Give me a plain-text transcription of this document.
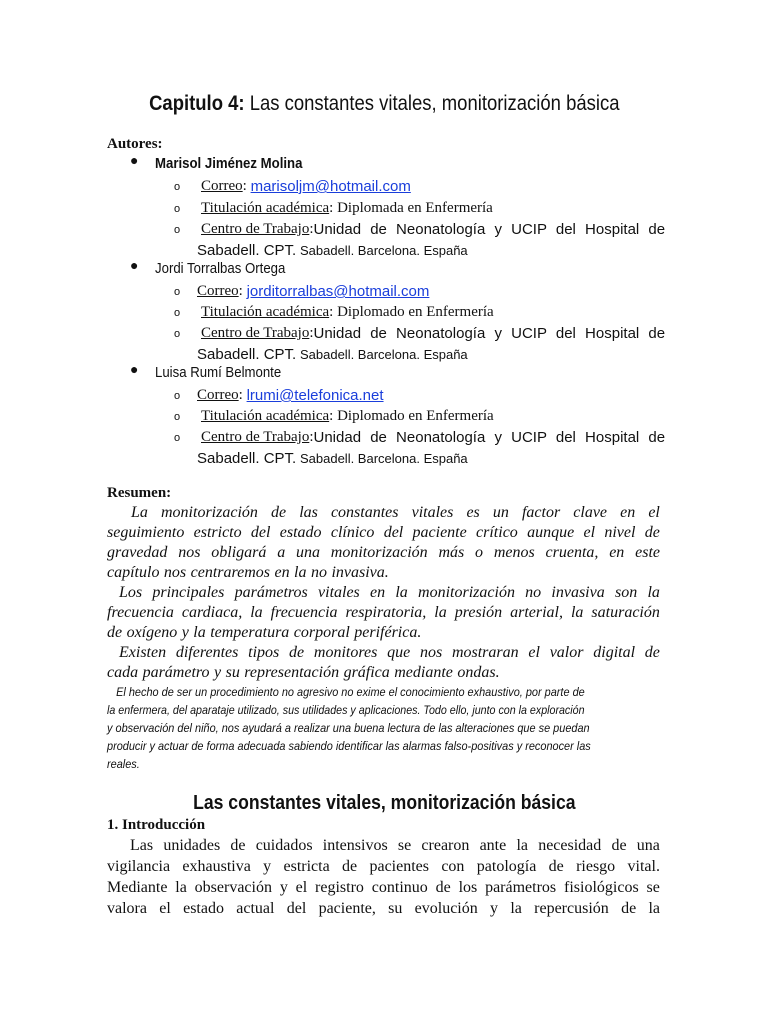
Capitulo 4: Las constantes vitales, monitorización básica
Autores:
● Marisol Jiménez Molina
o Correo : marisoljm@hotmail.com
o Titulación académica : Diplomada en Enfermería
o Centro de Trabajo: Unidad de Neonatología y UCIP del Hospital de
Sabadell. CPT. Sabadell. Barcelona. España
● Jordi Torralbas Ortega
o Correo : jorditorralbas@hotmail.com
o Titulación académica : Diplomado en Enfermería
o Centro de Trabajo: Unidad de Neonatología y UCIP del Hospital de
Sabadell. CPT. Sabadell. Barcelona. España
● Luisa Rumí Belmonte
o Correo : lrumi@telefonica.net
o Titulación académica : Diplomado en Enfermería
o Centro de Trabajo: Unidad de Neonatología y UCIP del Hospital de
Sabadell. CPT. Sabadell. Barcelona. España
Resumen:
La monitorización de las constantes vitales es un factor clave en el
seguimiento estricto del estado clínico del paciente crítico aunque el nivel de
gravedad nos obligará a una monitorización más o menos cruenta, en este
capítulo nos centraremos en la no invasiva.
Los principales parámetros vitales en la monitorización no invasiva son la
frecuencia cardiaca, la frecuencia respiratoria, la presión arterial, la saturación
de oxígeno y la temperatura corporal periférica.
Existen diferentes tipos de monitores que nos mostraran el valor digital de
cada parámetro y su representación gráfica mediante ondas.
El hecho de ser un procedimiento no agresivo no exime el conocimiento exhaustivo, por parte de
la enfermera, del aparataje utilizado, sus utilidades y aplicaciones. Todo ello, junto con la exploración
y observación del niño, nos ayudará a realizar una buena lectura de las alteraciones que se puedan
producir y actuar de forma adecuada sabiendo identificar las alarmas falso-positivas y reconocer las
reales.
Las constantes vitales, monitorización básica
1. Introducción
Las unidades de cuidados intensivos se crearon ante la necesidad de una
vigilancia exhaustiva y estricta de pacientes con patología de riesgo vital.
Mediante la observación y el registro continuo de los parámetros fisiológicos se
valora el estado actual del paciente, su evolución y la repercusión de la
